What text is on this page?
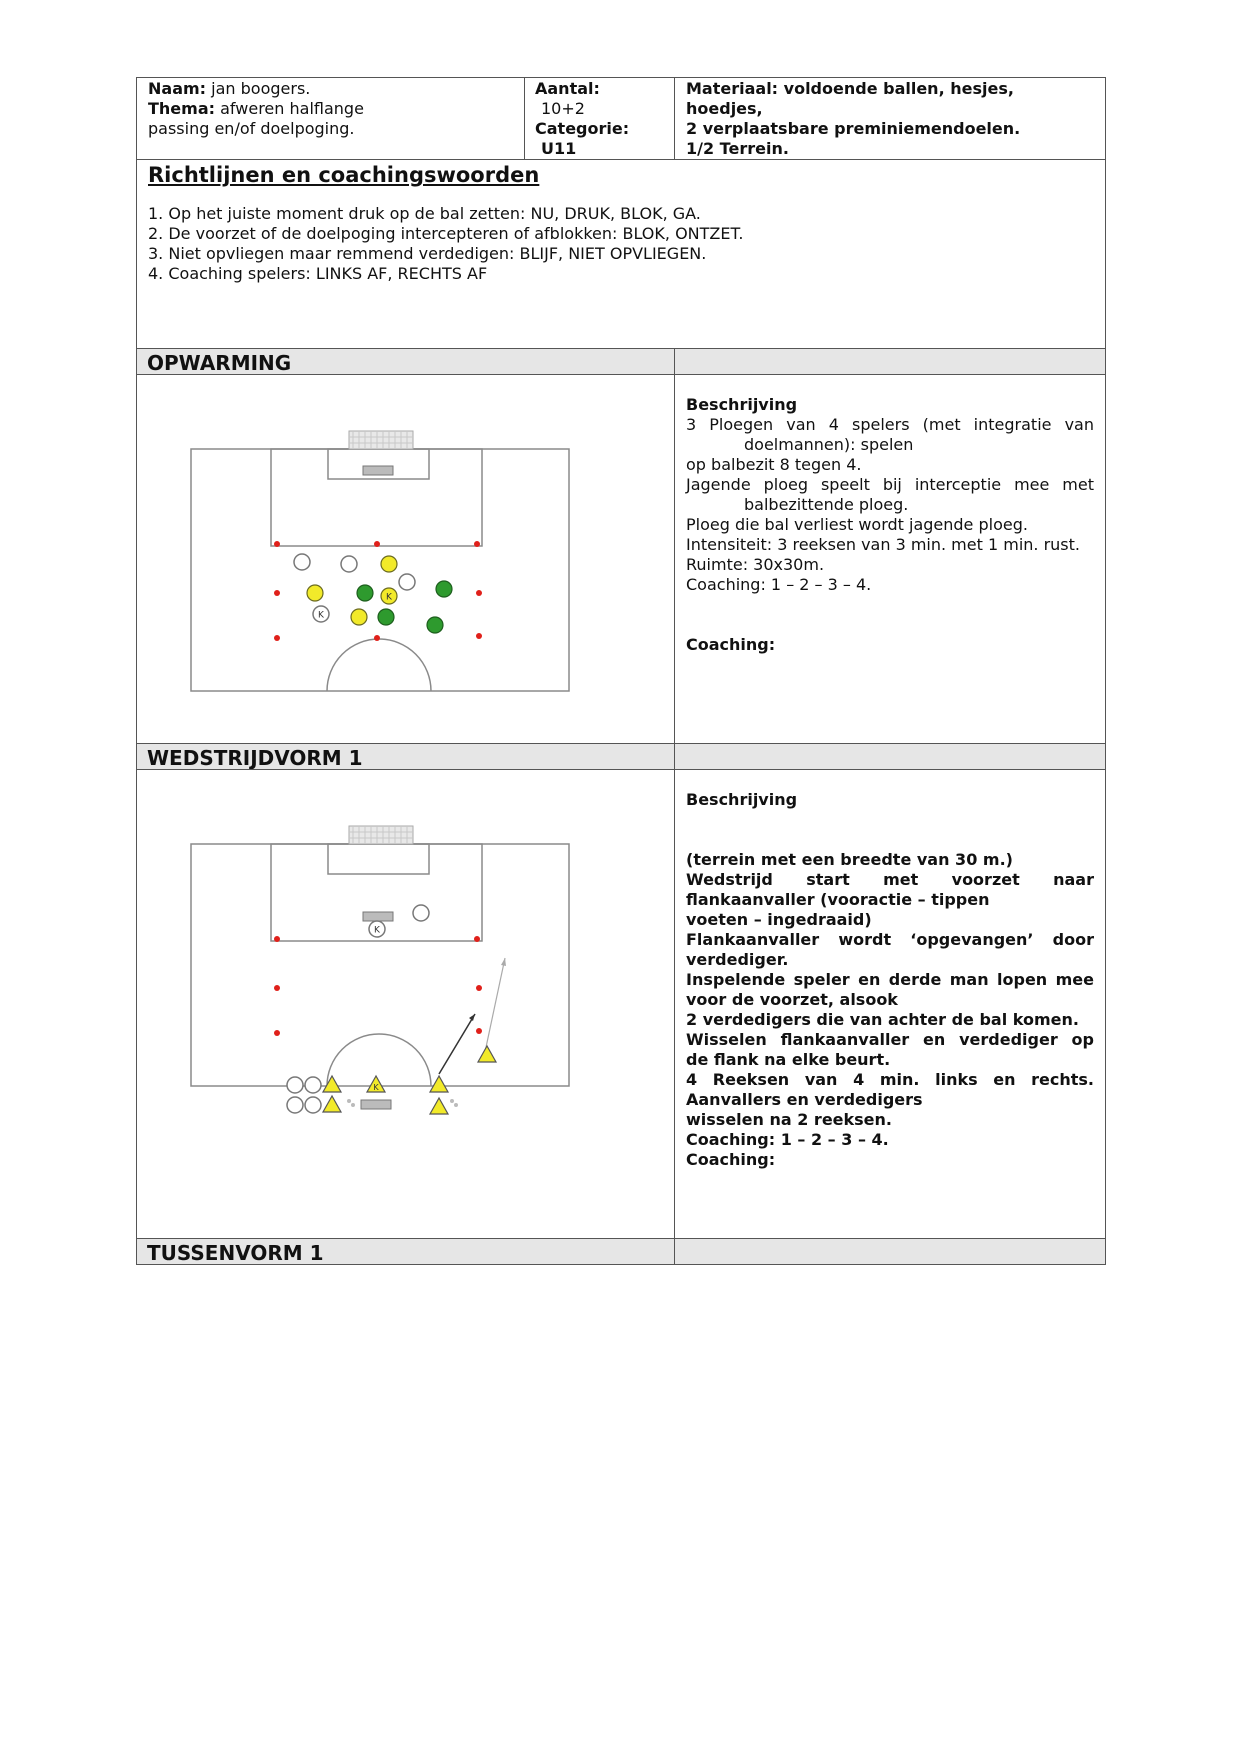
Naam: jan boogers.
Thema: afweren halflange
passing en/of doelpoging.
Aantal:
10+2
Categorie:
U11
Materiaal: voldoende ballen, hesjes,
hoedjes,
2 verplaatsbare preminiemendoelen.
1/2 Terrein.
Richtlijnen en coachingswoorden
1. Op het juiste moment druk op de bal zetten: NU, DRUK, BLOK, GA.
2. De voorzet of de doelpoging intercepteren of afblokken: BLOK, ONTZET.
3. Niet opvliegen maar remmend verdedigen: BLIJF, NIET OPVLIEGEN.
4. Coaching spelers: LINKS AF, RECHTS AF
OPWARMING
K
K
Beschrijving

3 Ploegen van 4 spelers (met integratie van doelmannen): spelen

op balbezit 8 tegen 4.

Jagende ploeg speelt bij interceptie mee met balbezittende ploeg.

Ploeg die bal verliest wordt jagende ploeg.

Intensiteit: 3 reeksen van 3 min. met 1 min. rust.

Ruimte: 30x30m.

Coaching: 1 – 2 – 3 – 4.

Coaching:
WEDSTRIJDVORM 1
K
K
Beschrijving

(terrein met een breedte van 30 m.)

Wedstrijd start met voorzet naar

flankaanvaller (vooractie – tippen

voeten – ingedraaid)

Flankaanvaller wordt ‘opgevangen’ door

verdediger.

Inspelende speler en derde man lopen mee

voor de voorzet, alsook

2 verdedigers die van achter de bal komen.

Wisselen flankaanvaller en verdediger op

de flank na elke beurt.

4 Reeksen van 4 min. links en rechts.

Aanvallers en verdedigers

wisselen na 2 reeksen.

Coaching: 1 – 2 – 3 – 4.

Coaching:

TUSSENVORM 1
